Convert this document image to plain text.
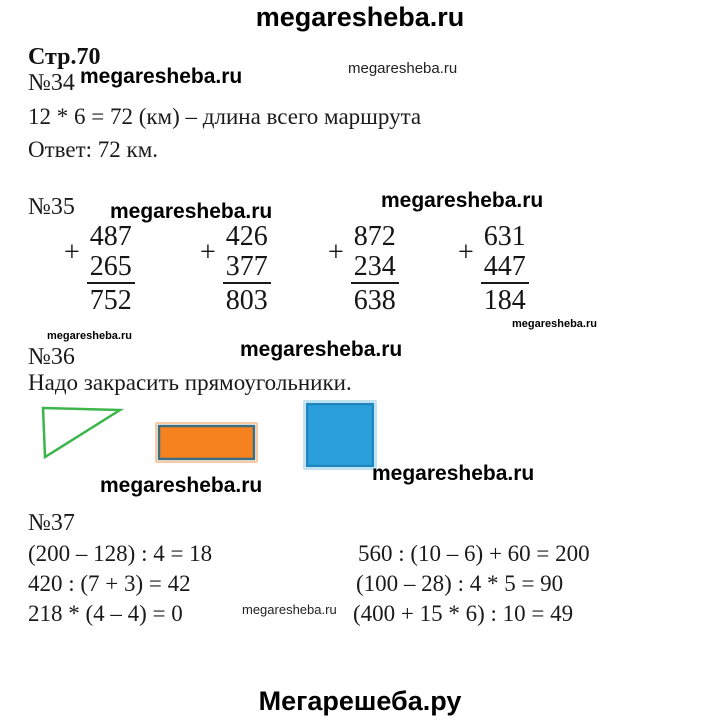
megaresheba.ru
Стр.70
№34 megaresheba.ru	megaresheba.ru
12 * 6 = 72 (км) – длина всего маршрута
Ответ: 72 км.
№35 megaresheba.ru	megaresheba.ru
+
487
265
752
+
426
377
803
+
872
234
638
+
631
447
184
megaresheba.ru
megaresheba.ru
megaresheba.ru
№36
Надо закрасить прямоугольники.
megaresheba.ru
megaresheba.ru
№37
(200 – 128) : 4 = 18
420 : (7 + 3) = 42
218 * (4 – 4) = 0
560 : (10 – 6) + 60 = 200
(100 – 28) : 4 * 5 = 90
(400 + 15 * 6) : 10 = 49
megaresheba.ru
Мегарешеба.ру
